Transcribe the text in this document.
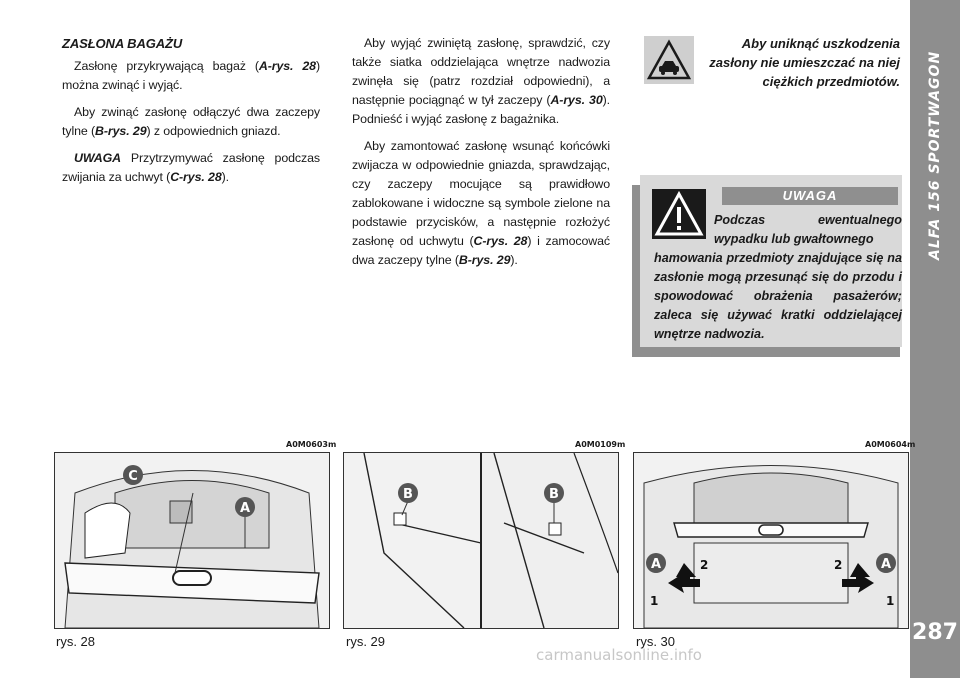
ALFA 156 SPORTWAGON
287
ZASŁONA BAGAŻU

Zasłonę przykrywającą bagaż (A-rys. 28) można zwinąć i wyjąć.

Aby zwinąć zasłonę odłączyć dwa zaczepy tylne (B-rys. 29) z odpowiednich gniazd.

UWAGA Przytrzymywać zasłonę podczas zwijania za uchwyt (C-rys. 28).

Aby wyjąć zwiniętą zasłonę, sprawdzić, czy także siatka oddzielająca wnętrze nadwozia zwinęła się (patrz rozdział odpowiedni), a następnie pociągnąć w tył zaczepy (A-rys. 30). Podnieść i wyjąć zasłonę z bagażnika.

Aby zamontować zasłonę wsunąć końcówki zwijacza w odpowiednie gniazda, sprawdzając, czy zaczepy mocujące są prawidłowo zablokowane i widoczne są symbole zielone na podstawie przycisków, a następnie rozłożyć zasłonę od uchwytu (C-rys. 28) i zamocować dwa zaczepy tylne (B-rys. 29).

Aby uniknąć uszkodzenia zasłony nie umieszczać na niej ciężkich przedmiotów.
UWAGA
Podczas ewentualnego wypadku lub gwałtownego
hamowania przedmioty znajdujące się na zasłonie mogą przesunąć się do przodu i spowodować obrażenia pasażerów; zaleca się używać kratki oddzielającej wnętrze nadwozia.
A0M0603m	A0M0109m	A0M0604m
C
A
B	B
A	A
1
2	2
1
rys. 28	rys. 29	rys. 30
carmanualsonline.info
